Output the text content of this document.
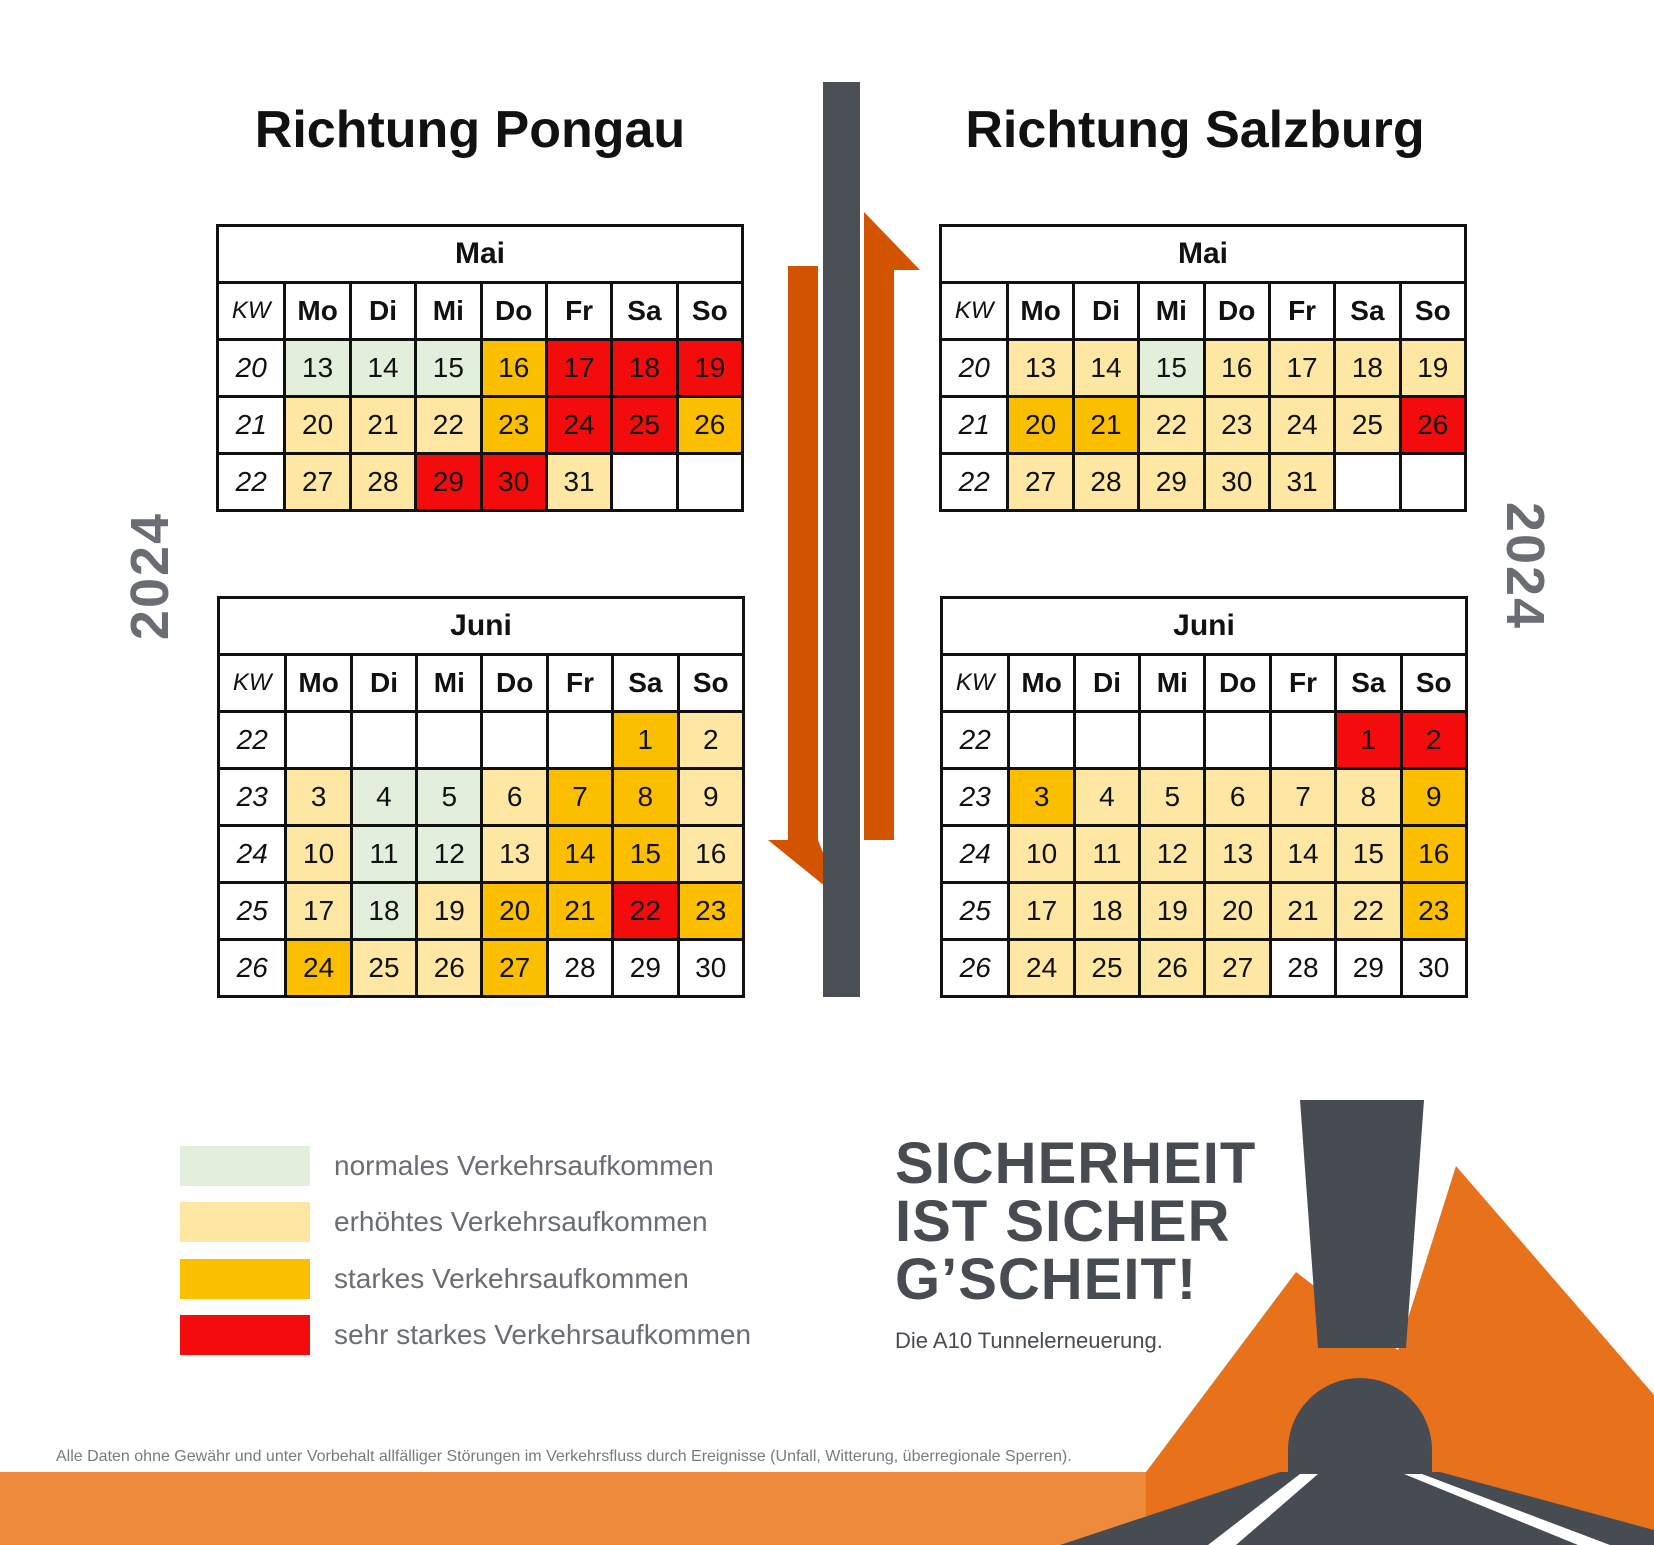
Richtung Pongau	Richtung Salzburg
2024	2024
Mai							
KW	Mo	Di	Mi	Do	Fr	Sa	So
20	13	14	15	16	17	18	19
21	20	21	22	23	24	25	26
22	27	28	29	30	31		
Juni							
KW	Mo	Di	Mi	Do	Fr	Sa	So
22						1	2
23	3	4	5	6	7	8	9
24	10	11	12	13	14	15	16
25	17	18	19	20	21	22	23
26	24	25	26	27	28	29	30
Mai							
KW	Mo	Di	Mi	Do	Fr	Sa	So
20	13	14	15	16	17	18	19
21	20	21	22	23	24	25	26
22	27	28	29	30	31		
Juni							
KW	Mo	Di	Mi	Do	Fr	Sa	So
22						1	2
23	3	4	5	6	7	8	9
24	10	11	12	13	14	15	16
25	17	18	19	20	21	22	23
26	24	25	26	27	28	29	30
normales Verkehrsaufkommen
erhöhtes Verkehrsaufkommen
starkes Verkehrsaufkommen
sehr starkes Verkehrsaufkommen
SICHERHEIT
IST SICHER
G’SCHEIT!
Die A10 Tunnelerneuerung.
Alle Daten ohne Gewähr und unter Vorbehalt allfälliger Störungen im Verkehrsfluss durch Ereignisse (Unfall, Witterung, überregionale Sperren).
